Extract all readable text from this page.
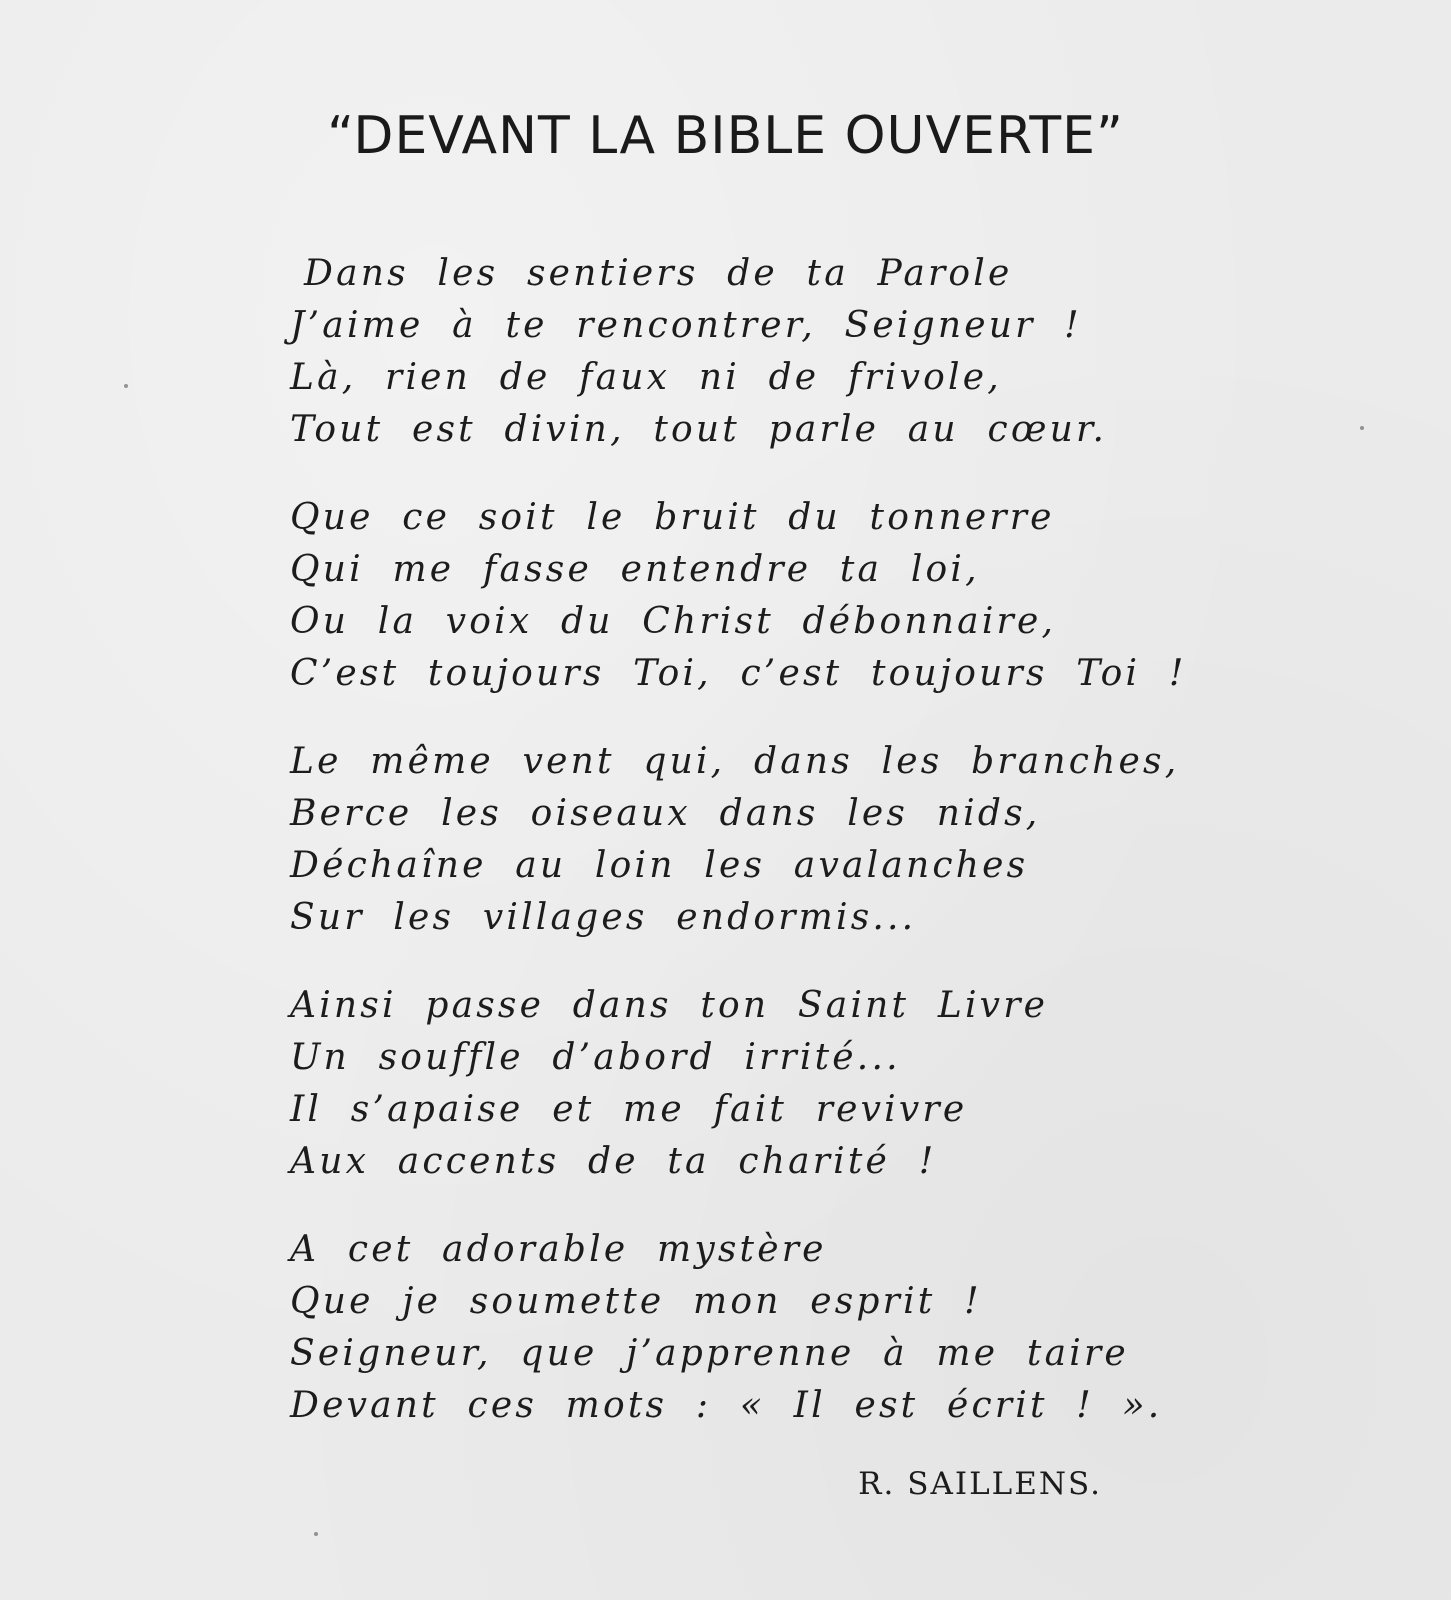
“DEVANT LA BIBLE OUVERTE”
Dans les sentiers de ta Parole
J’aime à te rencontrer, Seigneur !
Là, rien de faux ni de frivole,
Tout est divin, tout parle au cœur.
Que ce soit le bruit du tonnerre
Qui me fasse entendre ta loi,
Ou la voix du Christ débonnaire,
C’est toujours Toi, c’est toujours Toi !
Le même vent qui, dans les branches,
Berce les oiseaux dans les nids,
Déchaîne au loin les avalanches
Sur les villages endormis...
Ainsi passe dans ton Saint Livre
Un souffle d’abord irrité...
Il s’apaise et me fait revivre
Aux accents de ta charité !
A cet adorable mystère
Que je soumette mon esprit !
Seigneur, que j’apprenne à me taire
Devant ces mots : « Il est écrit ! ».
R. SAILLENS.
